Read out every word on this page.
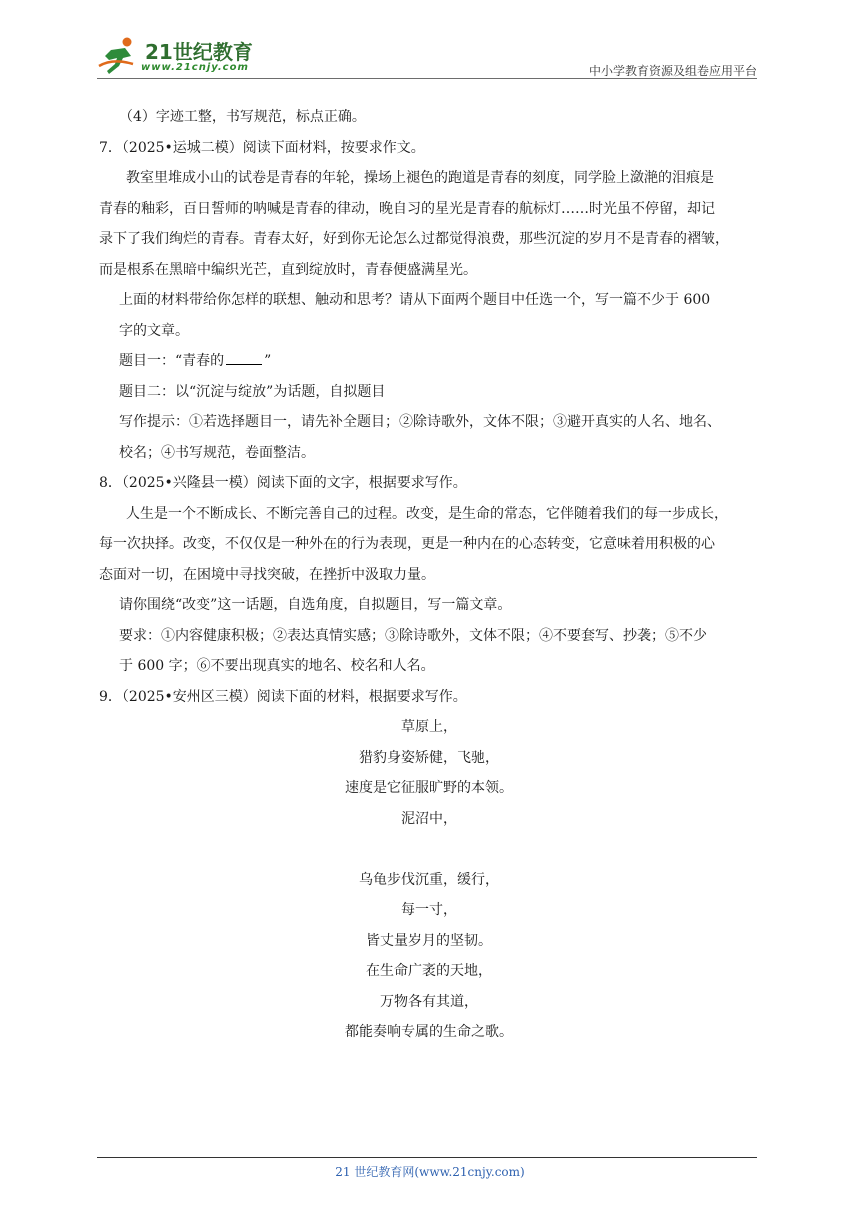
21世纪教育
www.21cnjy.com	中小学教育资源及组卷应用平台
（4）字迹工整，书写规范，标点正确。
7．（2025•运城二模）阅读下面材料，按要求作文。
教室里堆成小山的试卷是青春的年轮，操场上褪色的跑道是青春的刻度，同学脸上潋滟的泪痕是
青春的釉彩，百日誓师的呐喊是青春的律动，晚自习的星光是青春的航标灯……时光虽不停留，却记
录下了我们绚烂的青春。青春太好，好到你无论怎么过都觉得浪费，那些沉淀的岁月不是青春的褶皱，
而是根系在黑暗中编织光芒，直到绽放时，青春便盛满星光。
上面的材料带给你怎样的联想、触动和思考？请从下面两个题目中任选一个，写一篇不少于 600
字的文章。
题目一：“青春的	”
题目二：以“沉淀与绽放”为话题，自拟题目
写作提示：①若选择题目一，请先补全题目；②除诗歌外，文体不限；③避开真实的人名、地名、
校名；④书写规范，卷面整洁。
8．（2025•兴隆县一模）阅读下面的文字，根据要求写作。
人生是一个不断成长、不断完善自己的过程。改变，是生命的常态，它伴随着我们的每一步成长，
每一次抉择。改变，不仅仅是一种外在的行为表现，更是一种内在的心态转变，它意味着用积极的心
态面对一切，在困境中寻找突破，在挫折中汲取力量。
请你围绕“改变”这一话题，自选角度，自拟题目，写一篇文章。
要求：①内容健康积极；②表达真情实感；③除诗歌外，文体不限；④不要套写、抄袭；⑤不少
于 600 字；⑥不要出现真实的地名、校名和人名。
9．（2025•安州区三模）阅读下面的材料，根据要求写作。
草原上，
猎豹身姿矫健，飞驰，
速度是它征服旷野的本领。
泥沼中，
乌龟步伐沉重，缓行，
每一寸，
皆丈量岁月的坚韧。
在生命广袤的天地，
万物各有其道，
都能奏响专属的生命之歌。
21 世纪教育网(www.21cnjy.com)
